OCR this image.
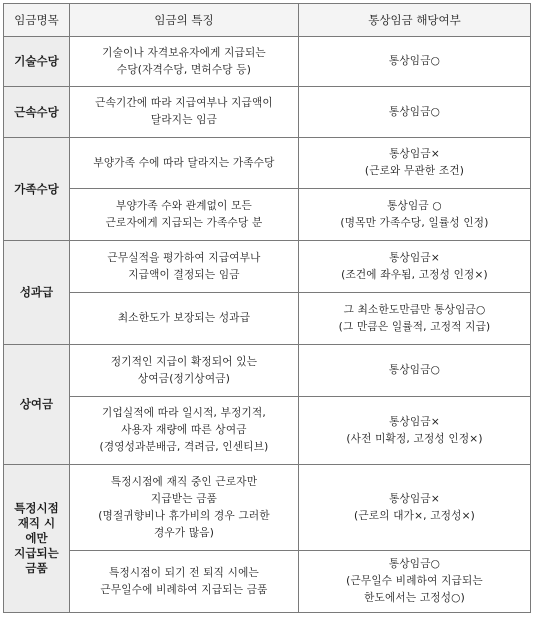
임금명목	임금의 특징	통상임금 해당여부

기술수당	기술이나 자격보유자에게 지급되는
수당(자격수당, 면허수당 등)	통상임금○

근속수당	근속기간에 따라 지급여부나 지급액이
달라지는 임금	통상임금○

가족수당	부양가족 수에 따라 달라지는 가족수당	통상임금×
(근로와 무관한 조건)

	부양가족 수와 관계없이 모든
근로자에게 지급되는 가족수당 분	통상임금 ○
(명목만 가족수당, 일률성 인정)

성과급	근무실적을 평가하여 지급여부나
지급액이 결정되는 임금	통상임금×
(조건에 좌우됨, 고정성 인정×)

	최소한도가 보장되는 성과급	그 최소한도만큼만 통상임금○
(그 만큼은 일률적, 고정적 지급)

상여금	정기적인 지급이 확정되어 있는
상여금(정기상여금)	통상임금○

	기업실적에 따라 일시적, 부정기적,
사용자 재량에 따른 상여금
(경영성과분배금, 격려금, 인센티브)	통상임금×
(사전 미확정, 고정성 인정×)

특정시점
재직 시
에만
지급되는
금품	특정시점에 재직 중인 근로자만
지급받는 금품
(명절귀향비나 휴가비의 경우 그러한
경우가 많음)	통상임금×
(근로의 대가×, 고정성×)

	특정시점이 되기 전 퇴직 시에는
근무일수에 비례하여 지급되는 금품	통상임금○
(근무일수 비례하여 지급되는
한도에서는 고정성○)
